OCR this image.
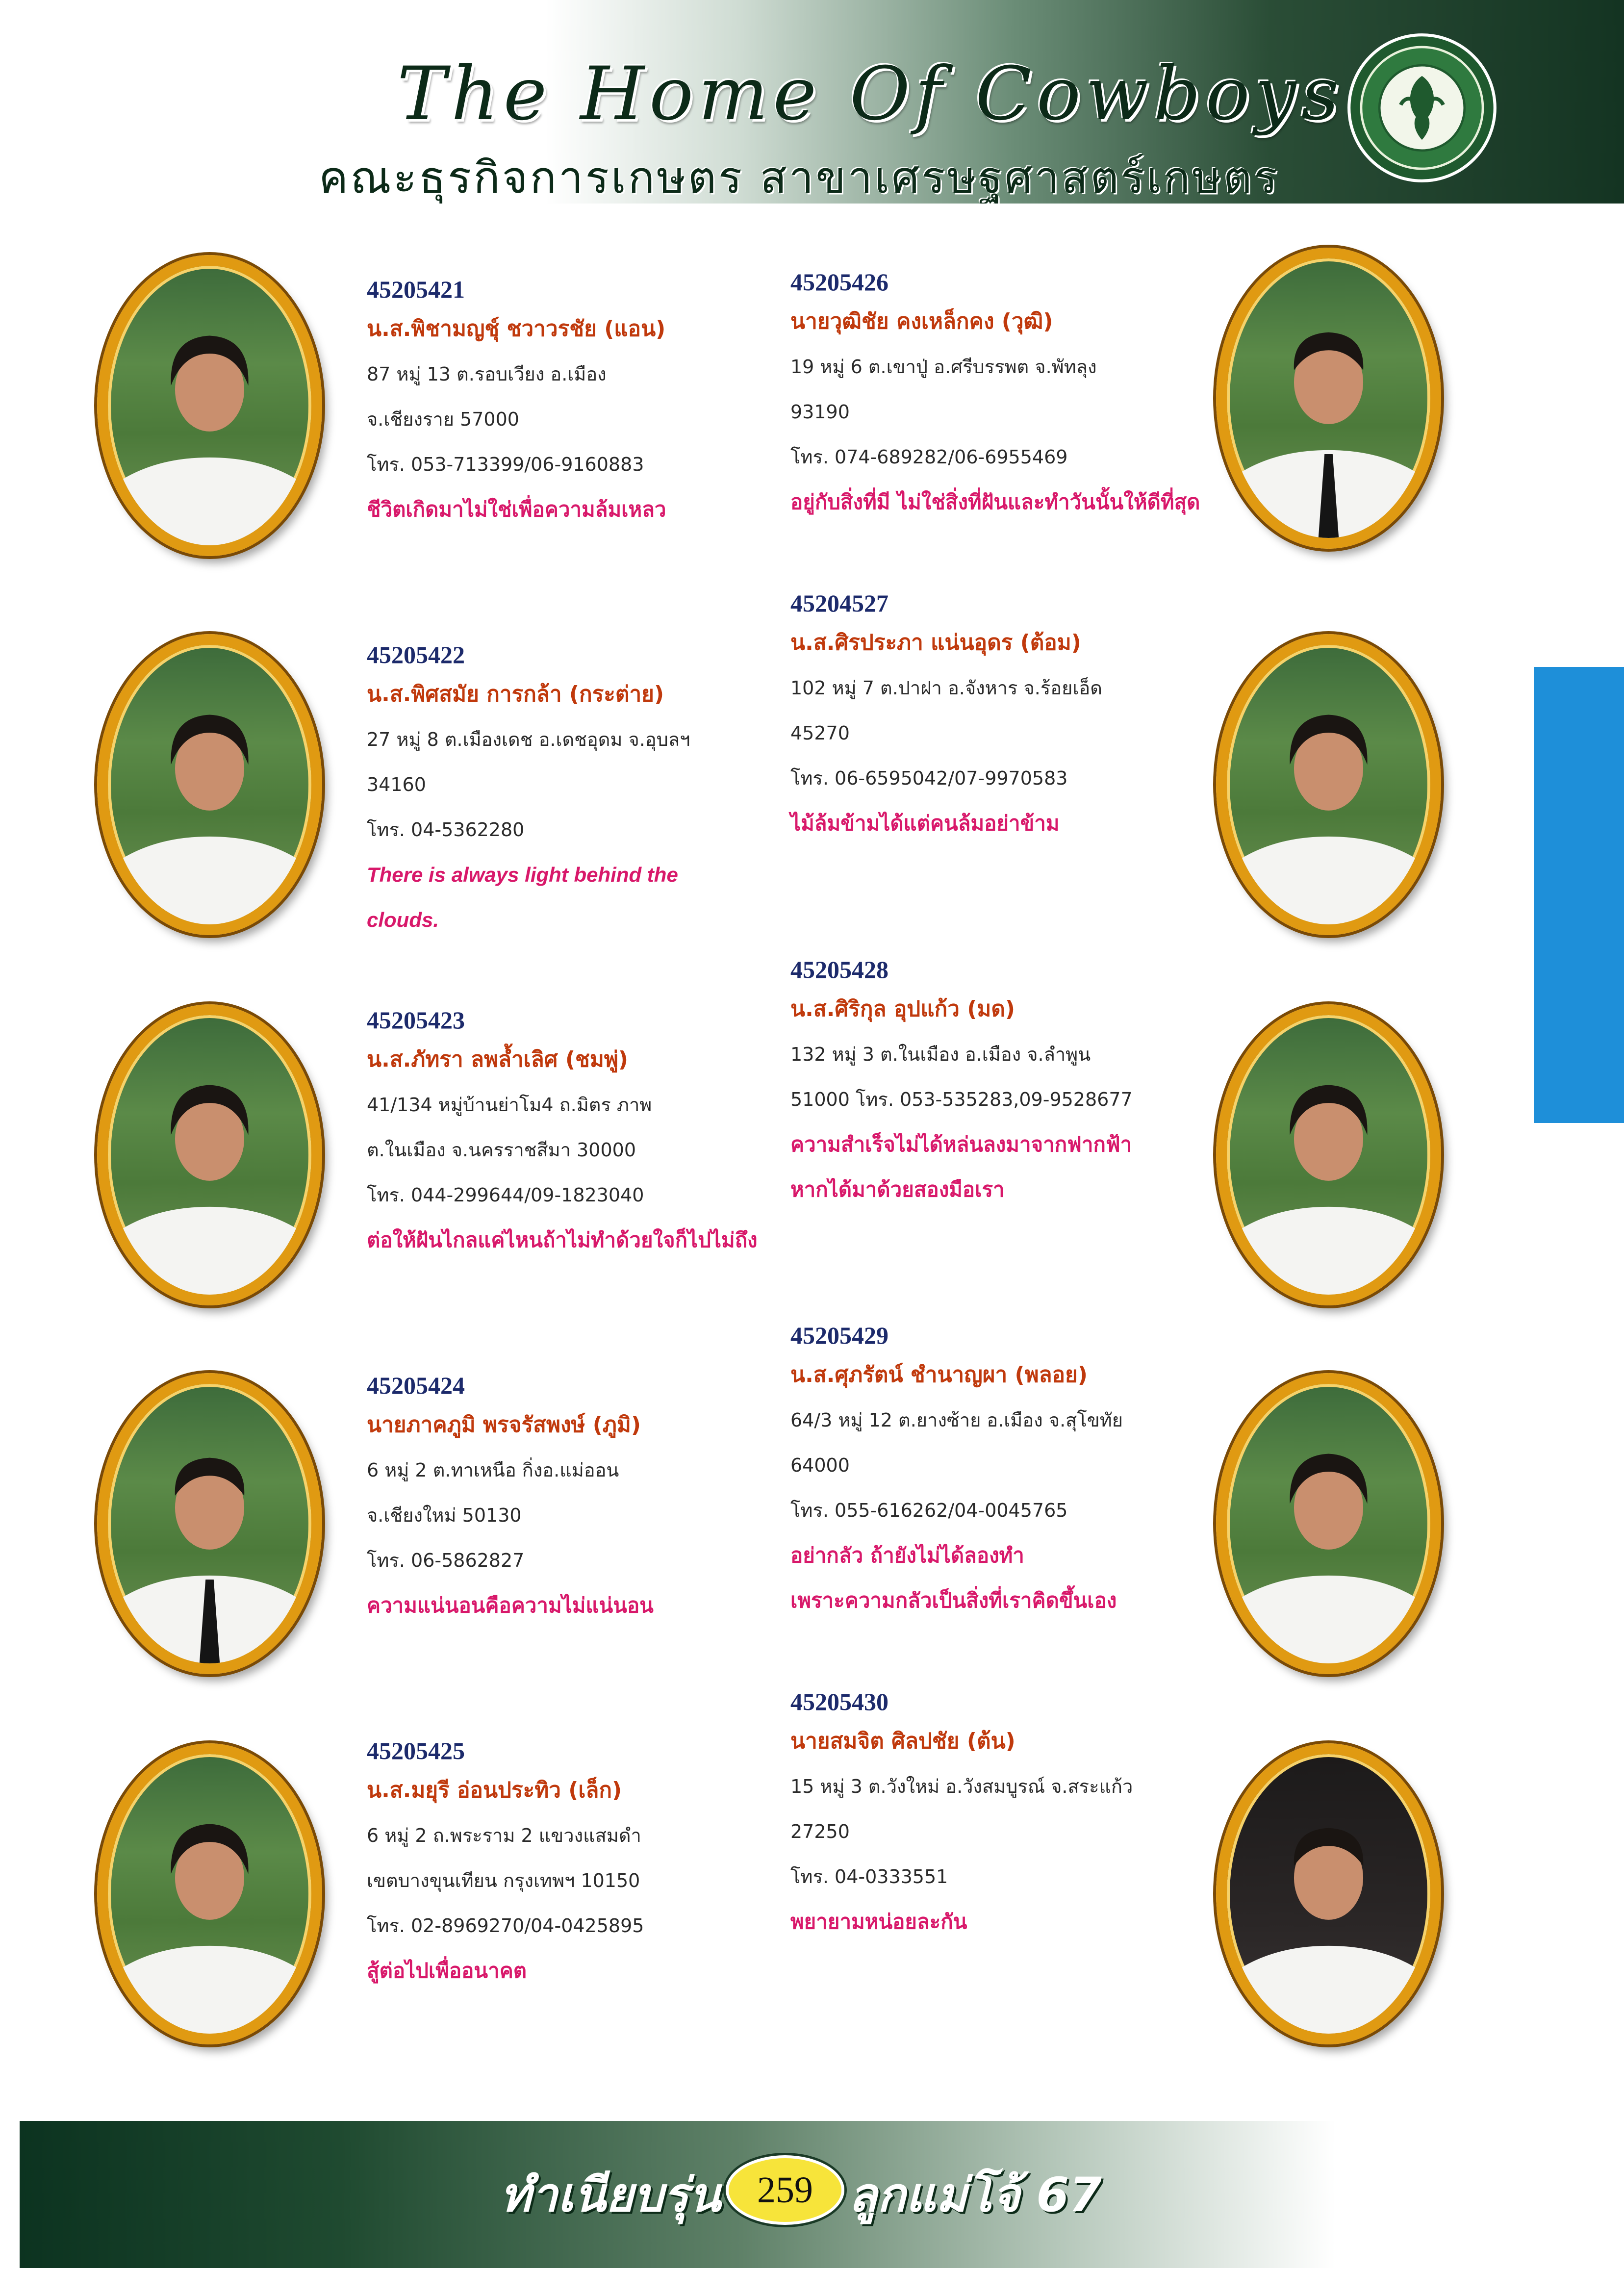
The Home Of Cowboys
คณะธุรกิจการเกษตร สาขาเศรษฐศาสตร์เกษตร
45205421
น.ส.พิชามญชุ์ ชวาวรชัย (แอน)
87 หมู่ 13 ต.รอบเวียง อ.เมือง
จ.เชียงราย 57000
โทร. 053-713399/06-9160883
ชีวิตเกิดมาไม่ใช่เพื่อความล้มเหลว
45205422
น.ส.พิศสมัย การกล้า (กระต่าย)
27 หมู่ 8 ต.เมืองเดช อ.เดชอุดม จ.อุบลฯ
34160
โทร. 04-5362280
There is always light behind the
clouds.
45205423
น.ส.ภัทรา ลพล้ำเลิศ (ชมพู่)
41/134 หมู่บ้านย่าโม4 ถ.มิตร ภาพ
ต.ในเมือง จ.นครราชสีมา 30000
โทร. 044-299644/09-1823040
ต่อให้ฝันไกลแค่ไหนถ้าไม่ทำด้วยใจก็ไปไม่ถึง
45205424
นายภาคภูมิ พรจรัสพงษ์ (ภูมิ)
6 หมู่ 2 ต.ทาเหนือ กิ่งอ.แม่ออน
จ.เชียงใหม่ 50130
โทร. 06-5862827
ความแน่นอนคือความไม่แน่นอน
45205425
น.ส.มยุรี อ่อนประทิว (เล็ก)
6 หมู่ 2 ถ.พระราม 2 แขวงแสมดำ
เขตบางขุนเทียน กรุงเทพฯ 10150
โทร. 02-8969270/04-0425895
สู้ต่อไปเพื่ออนาคต
45205426
นายวุฒิชัย คงเหล็กคง (วุฒิ)
19 หมู่ 6 ต.เขาปู่ อ.ศรีบรรพต จ.พัทลุง
93190
โทร. 074-689282/06-6955469
อยู่กับสิ่งที่มี ไม่ใช่สิ่งที่ฝันและทำวันนั้นให้ดีที่สุด
45204527
น.ส.ศิรประภา แน่นอุดร (ต้อม)
102 หมู่ 7 ต.ปาฝา อ.จังหาร จ.ร้อยเอ็ด
45270
โทร. 06-6595042/07-9970583
ไม้ล้มข้ามได้แต่คนล้มอย่าข้าม
45205428
น.ส.ศิริกุล อุปแก้ว (มด)
132 หมู่ 3 ต.ในเมือง อ.เมือง จ.ลำพูน
51000 โทร. 053-535283,09-9528677
ความสำเร็จไม่ได้หล่นลงมาจากฟากฟ้า
หากได้มาด้วยสองมือเรา
45205429
น.ส.ศุภรัตน์ ชำนาญผา (พลอย)
64/3 หมู่ 12 ต.ยางซ้าย อ.เมือง จ.สุโขทัย
64000
โทร. 055-616262/04-0045765
อย่ากลัว ถ้ายังไม่ได้ลองทำ
เพราะความกลัวเป็นสิ่งที่เราคิดขึ้นเอง
45205430
นายสมจิต ศิลปชัย (ต้น)
15 หมู่ 3 ต.วังใหม่ อ.วังสมบูรณ์ จ.สระแก้ว
27250
โทร. 04-0333551
พยายามหน่อยละกัน
ทำเนียบรุ่น 259 ลูกแม่โจ้ 67
